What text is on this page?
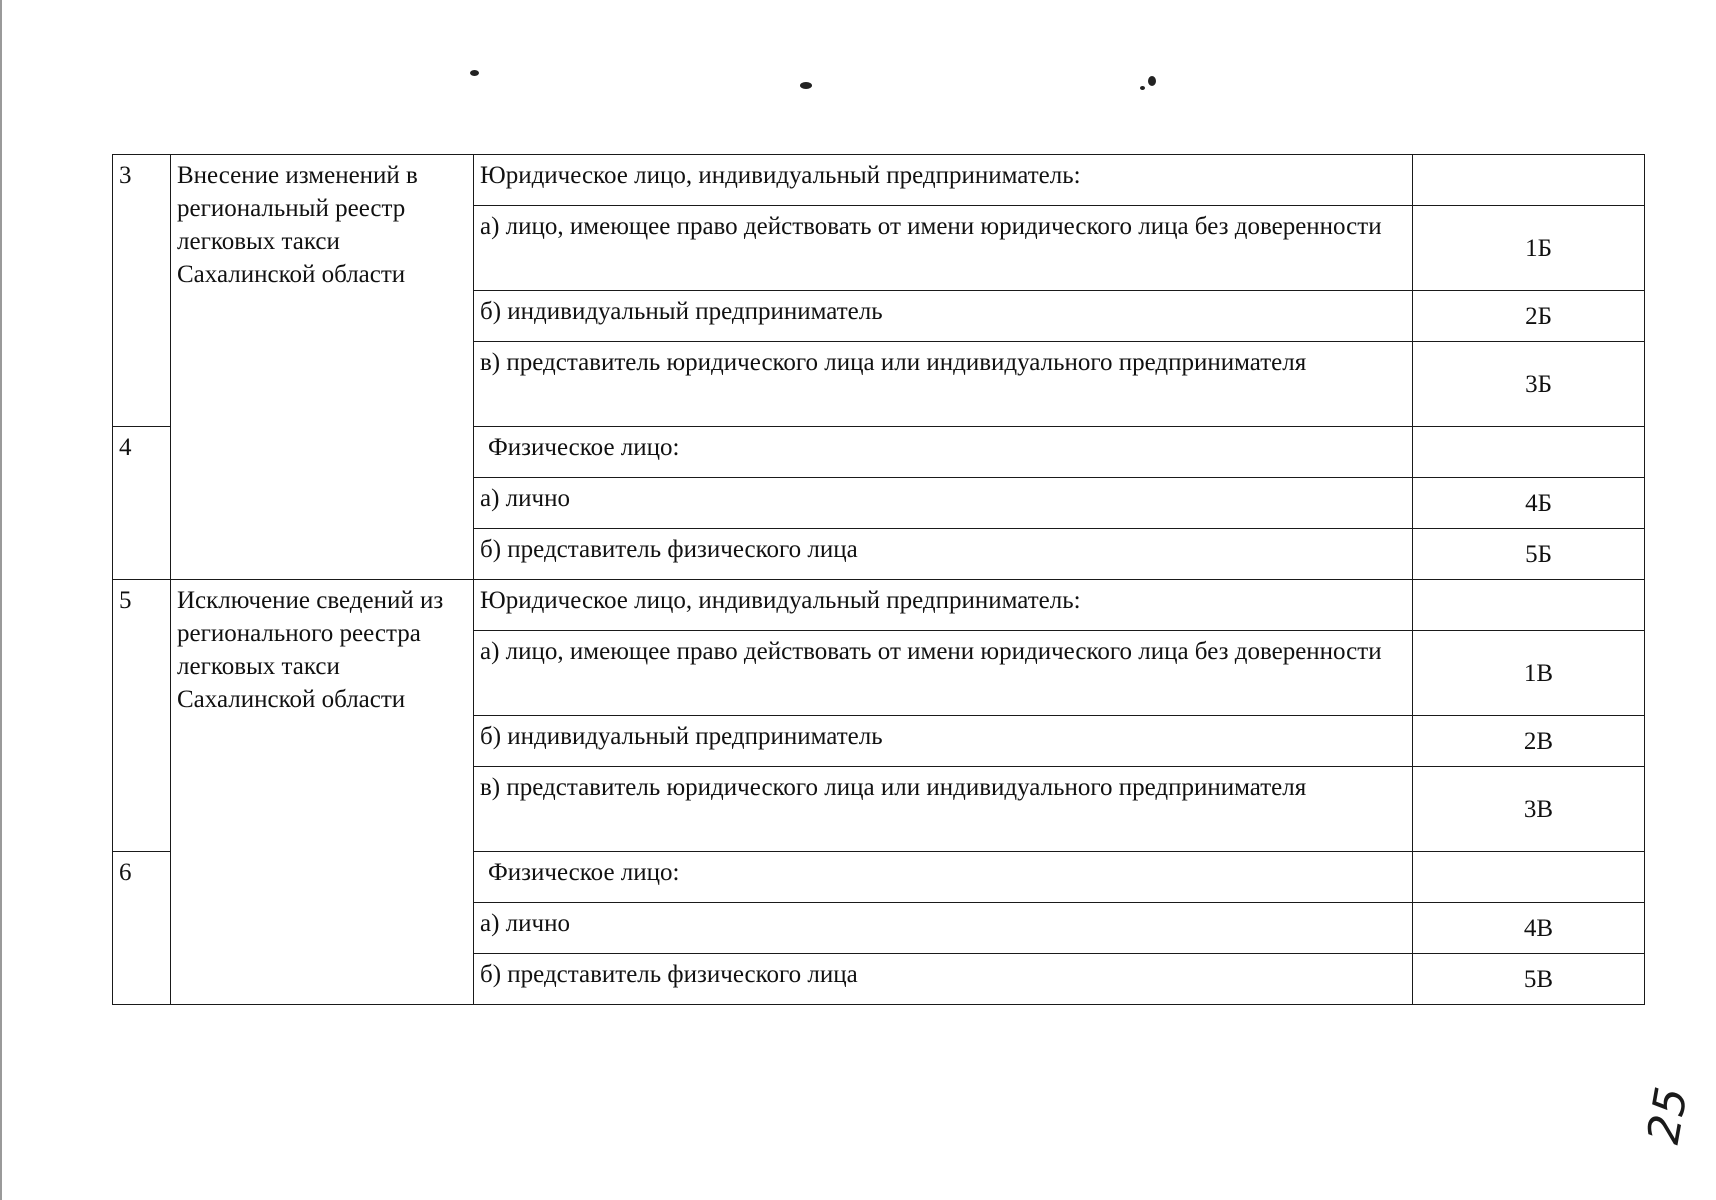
3	Внесение изменений в региональный реестр легковых такси Сахалинской области	Юридическое лицо, индивидуальный предприниматель:	
		а) лицо, имеющее право действовать от имени юридического лица без доверенности	1Б
		б) индивидуальный предприниматель	2Б
		в) представитель юридического лица или индивидуального предпринимателя	3Б
4		Физическое лицо:	
		а) лично	4Б
		б) представитель физического лица	5Б
5	Исключение сведений из регионального реестра легковых такси Сахалинской области	Юридическое лицо, индивидуальный предприниматель:	
		а) лицо, имеющее право действовать от имени юридического лица без доверенности	1В
		б) индивидуальный предприниматель	2В
		в) представитель юридического лица или индивидуального предпринимателя	3В
6		Физическое лицо:	
		а) лично	4В
		б) представитель физического лица	5В
25
